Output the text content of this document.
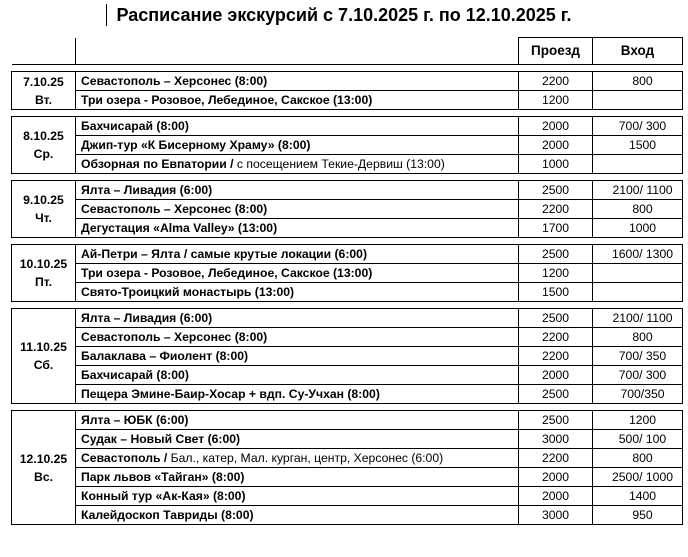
Расписание экскурсий с 7.10.2025 г. по 12.10.2025 г.
		Проезд	Вход

7.10.25
Вт.	Севастополь – Херсонес (8:00)	2200	800
	Три озера - Розовое, Лебединое, Сакское (13:00)	1200	

8.10.25
Ср.	Бахчисарай (8:00)	2000	700/ 300
	Джип-тур «К Бисерному Храму» (8:00)	2000	1500
	Обзорная по Евпатории / с посещением Текие-Дервиш (13:00)	1000	

9.10.25
Чт.	Ялта – Ливадия (6:00)	2500	2100/ 1100
	Севастополь – Херсонес (8:00)	2200	800
	Дегустация «Alma Valley» (13:00)	1700	1000

10.10.25
Пт.	Ай-Петри – Ялта / самые крутые локации (6:00)	2500	1600/ 1300
	Три озера - Розовое, Лебединое, Сакское (13:00)	1200	
	Свято-Троицкий монастырь (13:00)	1500	

11.10.25
Сб.	Ялта – Ливадия (6:00)	2500	2100/ 1100
	Севастополь – Херсонес (8:00)	2200	800
	Балаклава – Фиолент (8:00)	2200	700/ 350
	Бахчисарай (8:00)	2000	700/ 300
	Пещера Эмине-Баир-Хосар + вдп. Су-Учхан (8:00)	2500	700/350

12.10.25
Вс.	Ялта – ЮБК (6:00)	2500	1200
	Судак – Новый Свет (6:00)	3000	500/ 100
	Севастополь / Бал., катер, Мал. курган, центр, Херсонес (6:00)	2200	800
	Парк львов «Тайган» (8:00)	2000	2500/ 1000
	Конный тур «Ак-Кая» (8:00)	2000	1400
	Калейдоскоп Тавриды (8:00)	3000	950
